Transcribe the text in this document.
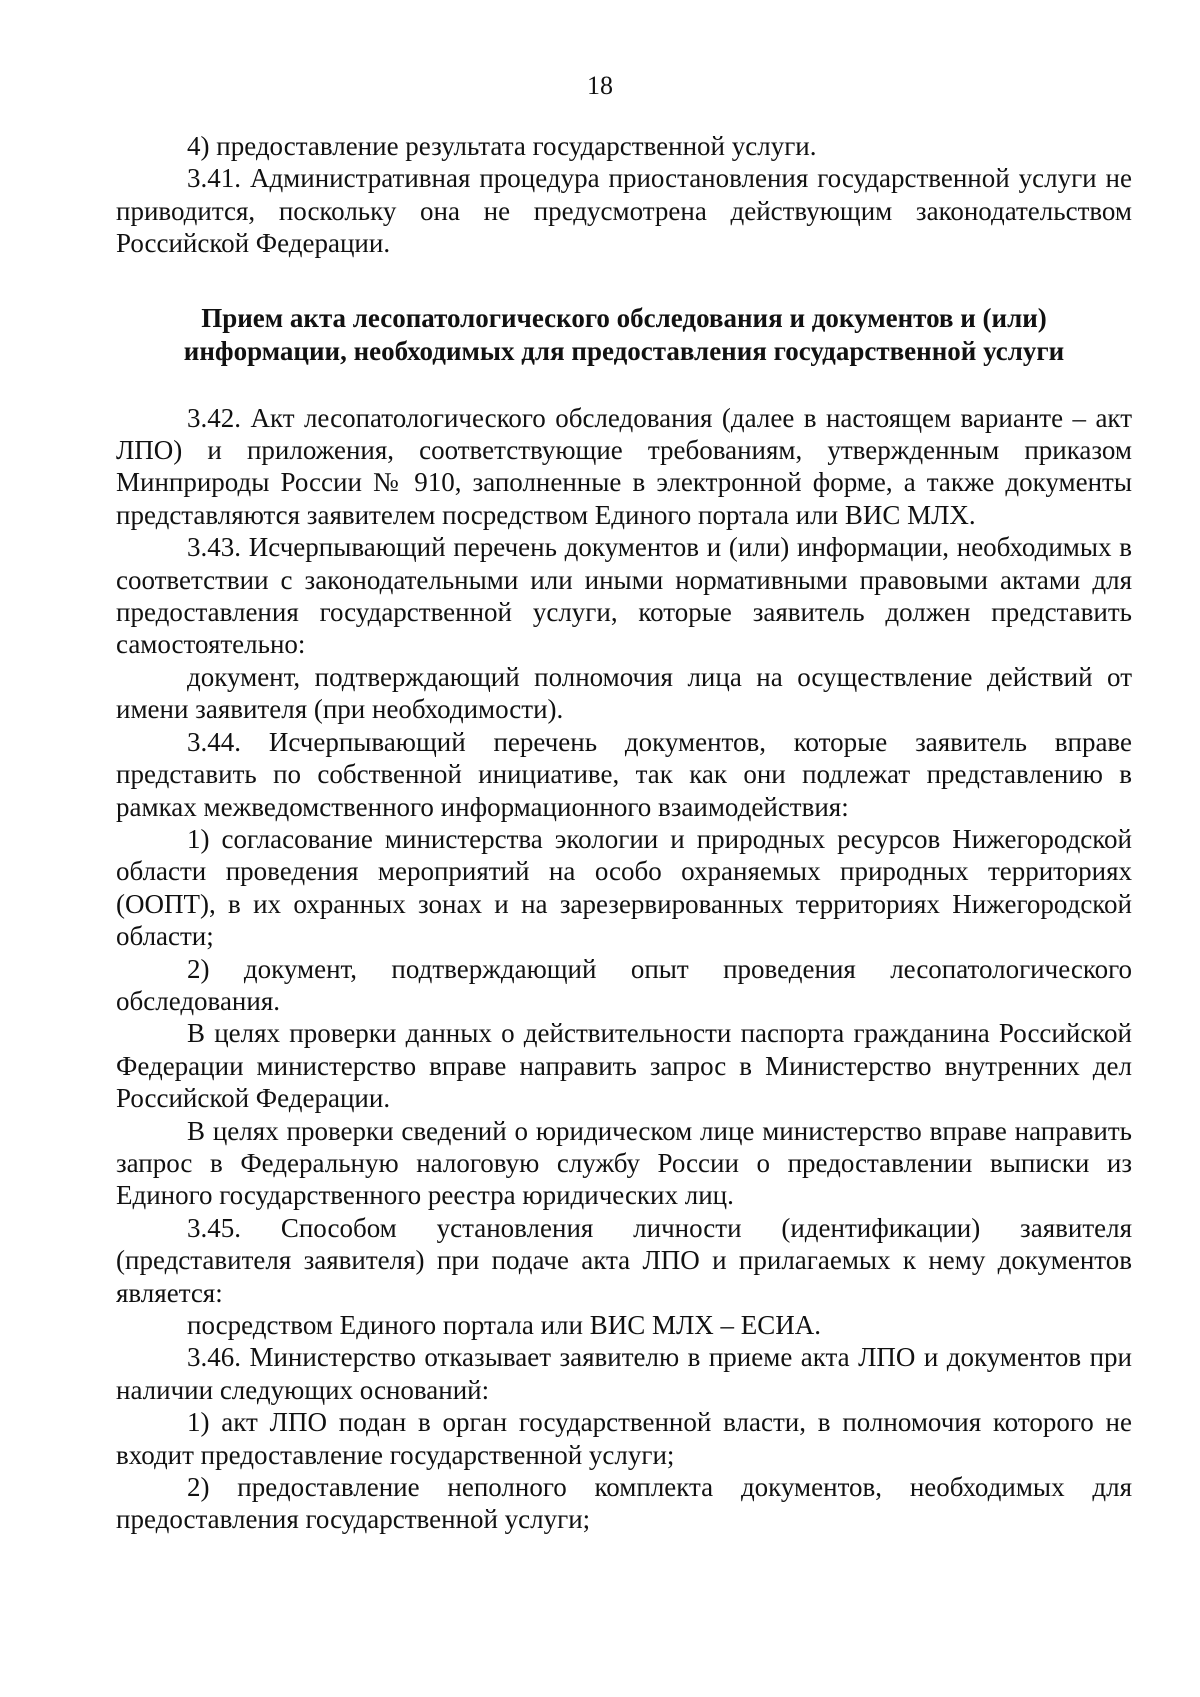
18

4) предоставление результата государственной услуги.

3.41. Административная процедура приостановления государственной услуги не приводится, поскольку она не предусмотрена действующим законодательством Российской Федерации.

Прием акта лесопатологического обследования и документов и (или)
информации, необходимых для предоставления государственной услуги

3.42. Акт лесопатологического обследования (далее в настоящем варианте – акт ЛПО) и приложения, соответствующие требованиям, утвержденным приказом Минприроды России № 910, заполненные в электронной форме, а также документы представляются заявителем посредством Единого портала или ВИС МЛХ.

3.43. Исчерпывающий перечень документов и (или) информации, необходимых в соответствии с законодательными или иными нормативными правовыми актами для предоставления государственной услуги, которые заявитель должен представить самостоятельно:

документ, подтверждающий полномочия лица на осуществление действий от имени заявителя (при необходимости).

3.44. Исчерпывающий перечень документов, которые заявитель вправе представить по собственной инициативе, так как они подлежат представлению в рамках межведомственного информационного взаимодействия:

1) согласование министерства экологии и природных ресурсов Нижегородской области проведения мероприятий на особо охраняемых природных территориях (ООПТ), в их охранных зонах и на зарезервированных территориях Нижегородской области;

2) документ, подтверждающий опыт проведения лесопатологического обследования.

В целях проверки данных о действительности паспорта гражданина Российской Федерации министерство вправе направить запрос в Министерство внутренних дел Российской Федерации.

В целях проверки сведений о юридическом лице министерство вправе направить запрос в Федеральную налоговую службу России о предоставлении выписки из Единого государственного реестра юридических лиц.

3.45. Способом установления личности (идентификации) заявителя (представителя заявителя) при подаче акта ЛПО и прилагаемых к нему документов является:

посредством Единого портала или ВИС МЛХ – ЕСИА.

3.46. Министерство отказывает заявителю в приеме акта ЛПО и документов при наличии следующих оснований:

1) акт ЛПО подан в орган государственной власти, в полномочия которого не входит предоставление государственной услуги;

2) предоставление неполного комплекта документов, необходимых для предоставления государственной услуги;
